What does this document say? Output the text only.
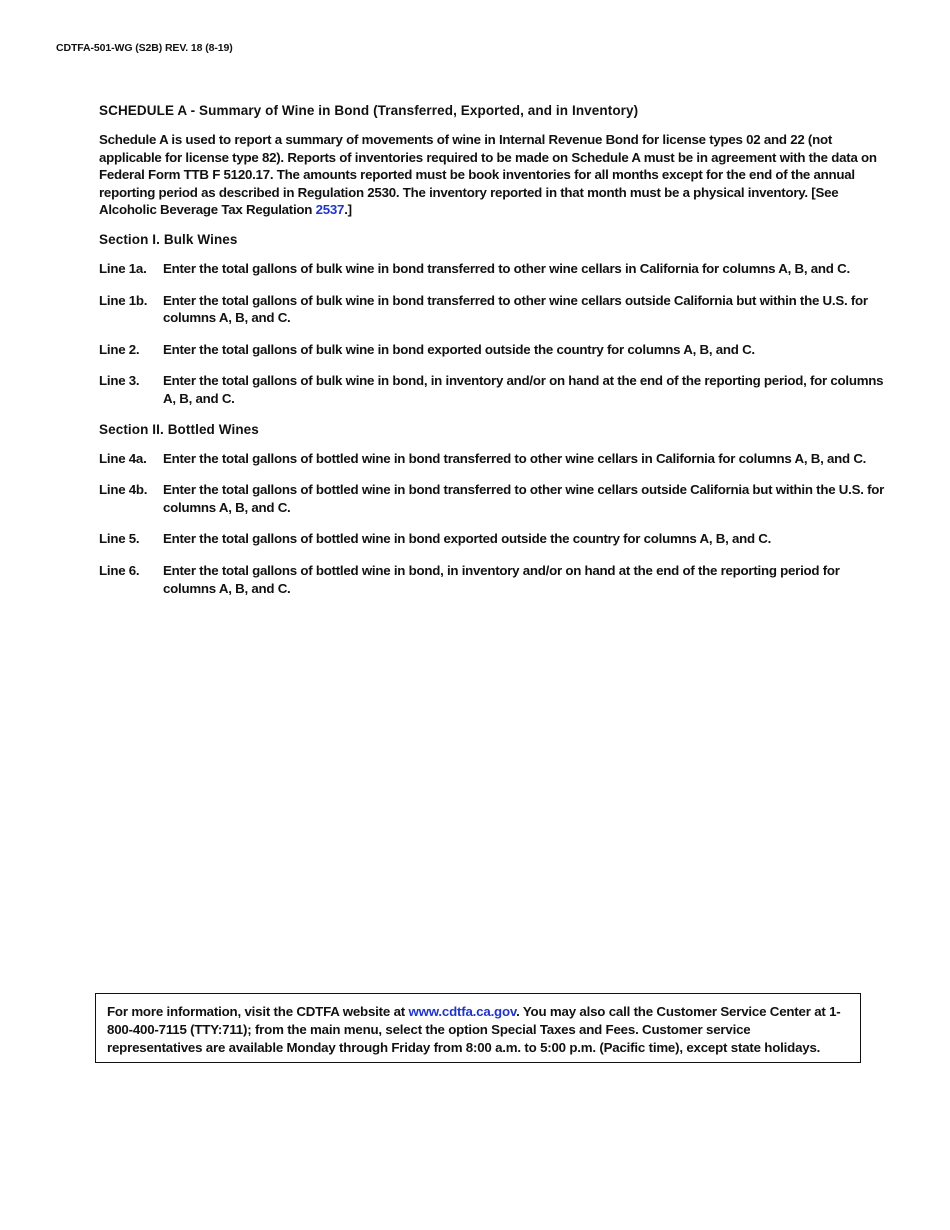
CDTFA-501-WG (S2B) REV. 18 (8-19)
SCHEDULE A - Summary of Wine in Bond (Transferred, Exported, and in Inventory)
Schedule A is used to report a summary of movements of wine in Internal Revenue Bond for license types 02 and 22 (not applicable for license type 82). Reports of inventories required to be made on Schedule A must be in agreement with the data on Federal Form TTB F 5120.17. The amounts reported must be book inventories for all months except for the end of the annual reporting period as described in Regulation 2530. The inventory reported in that month must be a physical inventory. [See Alcoholic Beverage Tax Regulation 2537.]
Section I. Bulk Wines
Line 1a.	Enter the total gallons of bulk wine in bond transferred to other wine cellars in California for columns A, B, and C.
Line 1b.	Enter the total gallons of bulk wine in bond transferred to other wine cellars outside California but within the U.S. for columns A, B, and C.
Line 2.	Enter the total gallons of bulk wine in bond exported outside the country for columns A, B, and C.
Line 3.	Enter the total gallons of bulk wine in bond, in inventory and/or on hand at the end of the reporting period, for columns A, B, and C.
Section II. Bottled Wines
Line 4a.	Enter the total gallons of bottled wine in bond transferred to other wine cellars in California for columns A, B, and C.
Line 4b.	Enter the total gallons of bottled wine in bond transferred to other wine cellars outside California but within the U.S. for columns A, B, and C.
Line 5.	Enter the total gallons of bottled wine in bond exported outside the country for columns A, B, and C.
Line 6.	Enter the total gallons of bottled wine in bond, in inventory and/or on hand at the end of the reporting period for columns A, B, and C.
For more information, visit the CDTFA website at www.cdtfa.ca.gov. You may also call the Customer Service Center at 1-800-400-7115 (TTY:711); from the main menu, select the option Special Taxes and Fees. Customer service representatives are available Monday through Friday from 8:00 a.m. to 5:00 p.m. (Pacific time), except state holidays.
